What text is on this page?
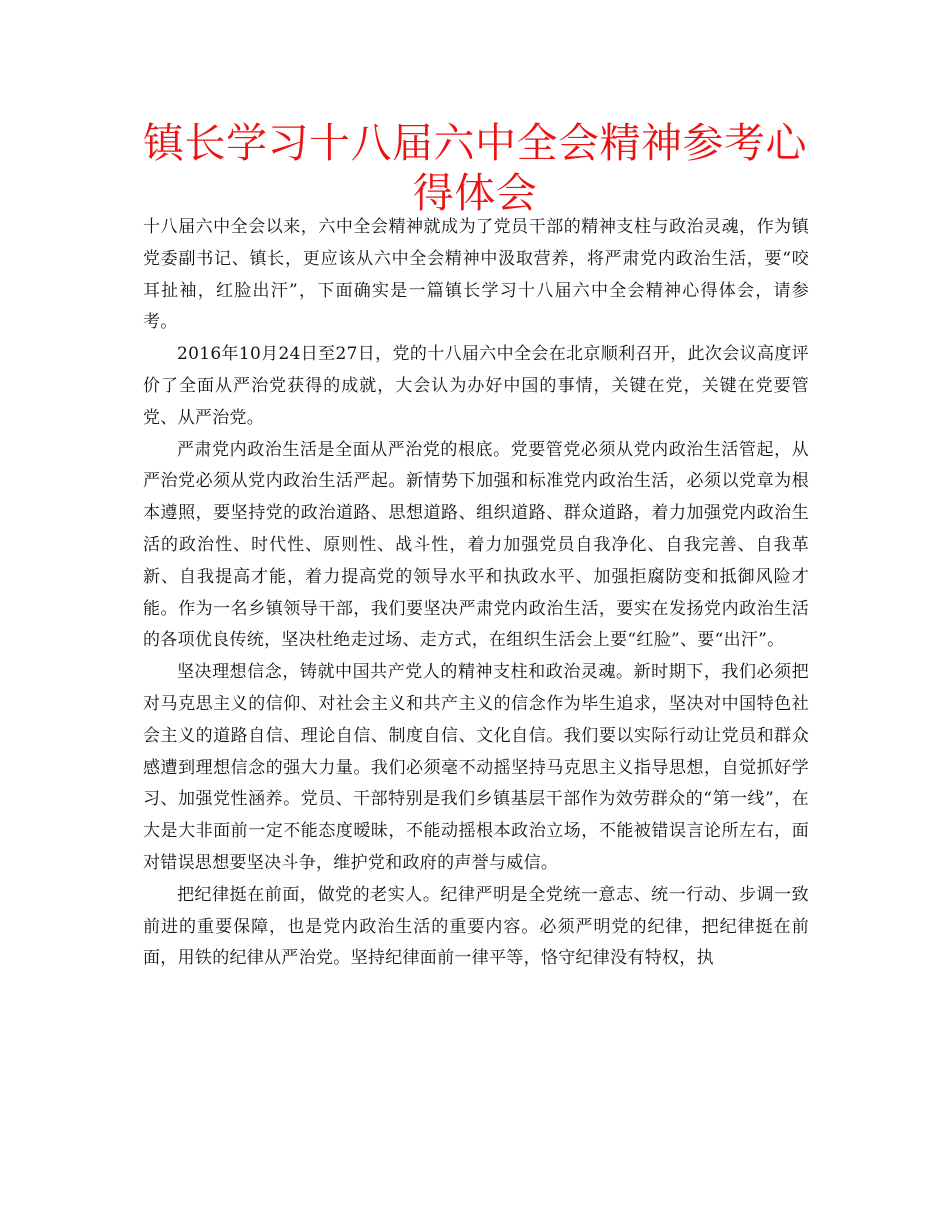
镇长学习十八届六中全会精神参考心得体会

十八届六中全会以来，六中全会精神就成为了党员干部的精神支柱与政治灵魂，作为镇党委副书记、镇长，更应该从六中全会精神中汲取营养，将严肃党内政治生活，要“咬耳扯袖，红脸出汗”，下面确实是一篇镇长学习十八届六中全会精神心得体会，请参考。

2016年10月24日至27日，党的十八届六中全会在北京顺利召开，此次会议高度评价了全面从严治党获得的成就，大会认为办好中国的事情，关键在党，关键在党要管党、从严治党。

严肃党内政治生活是全面从严治党的根底。党要管党必须从党内政治生活管起，从严治党必须从党内政治生活严起。新情势下加强和标准党内政治生活，必须以党章为根本遵照，要坚持党的政治道路、思想道路、组织道路、群众道路，着力加强党内政治生活的政治性、时代性、原则性、战斗性，着力加强党员自我净化、自我完善、自我革新、自我提高才能，着力提高党的领导水平和执政水平、加强拒腐防变和抵御风险才能。作为一名乡镇领导干部，我们要坚决严肃党内政治生活，要实在发扬党内政治生活的各项优良传统，坚决杜绝走过场、走方式，在组织生活会上要“红脸”、要“出汗”。

坚决理想信念，铸就中国共产党人的精神支柱和政治灵魂。新时期下，我们必须把对马克思主义的信仰、对社会主义和共产主义的信念作为毕生追求，坚决对中国特色社会主义的道路自信、理论自信、制度自信、文化自信。我们要以实际行动让党员和群众感遭到理想信念的强大力量。我们必须毫不动摇坚持马克思主义指导思想，自觉抓好学习、加强党性涵养。党员、干部特别是我们乡镇基层干部作为效劳群众的“第一线”，在大是大非面前一定不能态度暧昧，不能动摇根本政治立场，不能被错误言论所左右，面对错误思想要坚决斗争，维护党和政府的声誉与威信。

把纪律挺在前面，做党的老实人。纪律严明是全党统一意志、统一行动、步调一致前进的重要保障，也是党内政治生活的重要内容。必须严明党的纪律，把纪律挺在前面，用铁的纪律从严治党。坚持纪律面前一律平等，恪守纪律没有特权，执
